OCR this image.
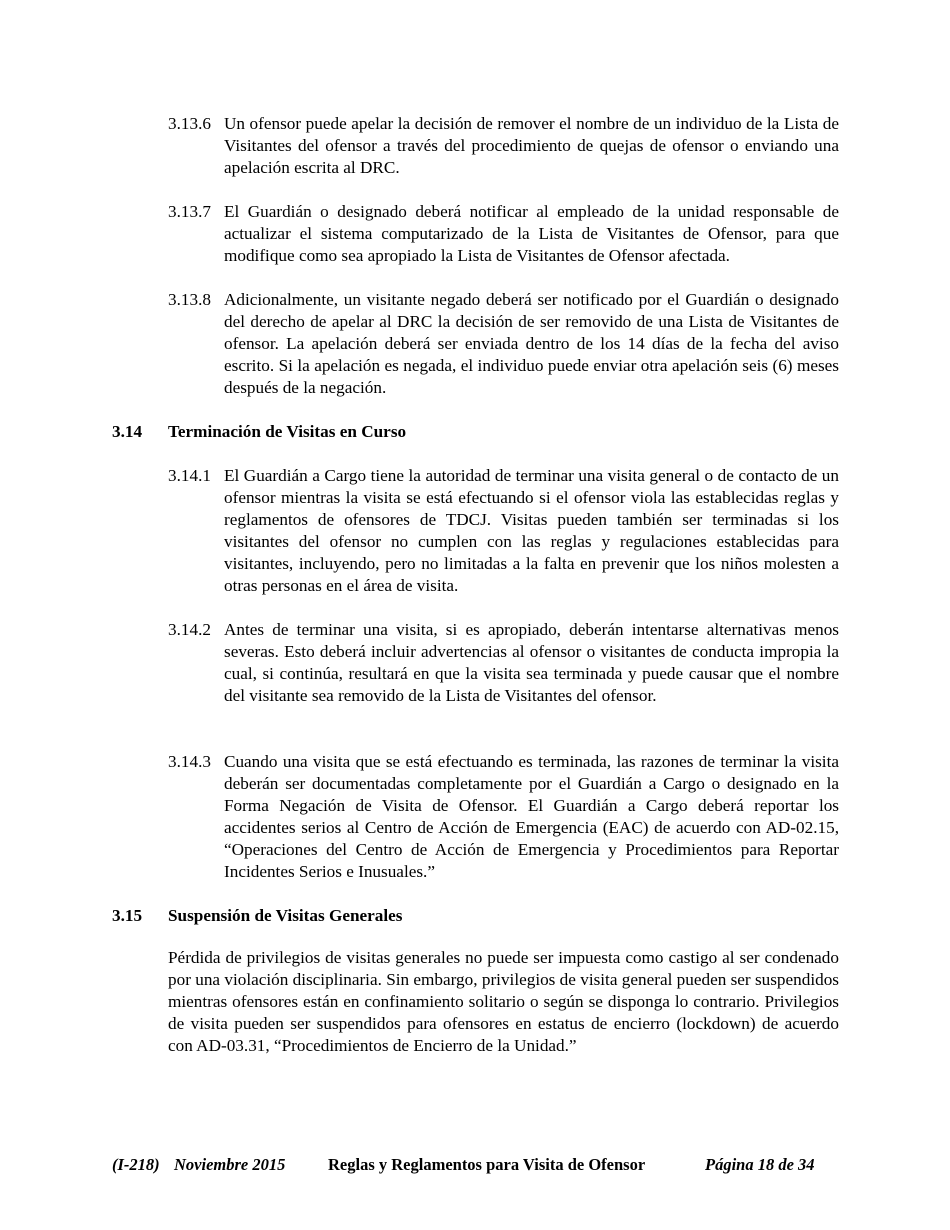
3.13.6 Un ofensor puede apelar la decisión de remover el nombre de un individuo de la Lista de Visitantes del ofensor a través del procedimiento de quejas de ofensor o enviando una apelación escrita al DRC.
3.13.7 El Guardián o designado deberá notificar al empleado de la unidad responsable de actualizar el sistema computarizado de la Lista de Visitantes de Ofensor, para que modifique como sea apropiado la Lista de Visitantes de Ofensor afectada.
3.13.8 Adicionalmente, un visitante negado deberá ser notificado por el Guardián o designado del derecho de apelar al DRC la decisión de ser removido de una Lista de Visitantes de ofensor. La apelación deberá ser enviada dentro de los 14 días de la fecha del aviso escrito. Si la apelación es negada, el individuo puede enviar otra apelación seis (6) meses después de la negación.
3.14 Terminación de Visitas en Curso
3.14.1 El Guardián a Cargo tiene la autoridad de terminar una visita general o de contacto de un ofensor mientras la visita se está efectuando si el ofensor viola las establecidas reglas y reglamentos de ofensores de TDCJ. Visitas pueden también ser terminadas si los visitantes del ofensor no cumplen con las reglas y regulaciones establecidas para visitantes, incluyendo, pero no limitadas a la falta en prevenir que los niños molesten a otras personas en el área de visita.
3.14.2 Antes de terminar una visita, si es apropiado, deberán intentarse alternativas menos severas. Esto deberá incluir advertencias al ofensor o visitantes de conducta impropia la cual, si continúa, resultará en que la visita sea terminada y puede causar que el nombre del visitante sea removido de la Lista de Visitantes del ofensor.
3.14.3 Cuando una visita que se está efectuando es terminada, las razones de terminar la visita deberán ser documentadas completamente por el Guardián a Cargo o designado en la Forma Negación de Visita de Ofensor. El Guardián a Cargo deberá reportar los accidentes serios al Centro de Acción de Emergencia (EAC) de acuerdo con AD-02.15, “Operaciones del Centro de Acción de Emergencia y Procedimientos para Reportar Incidentes Serios e Inusuales.”
3.15 Suspensión de Visitas Generales
Pérdida de privilegios de visitas generales no puede ser impuesta como castigo al ser condenado por una violación disciplinaria. Sin embargo, privilegios de visita general pueden ser suspendidos mientras ofensores están en confinamiento solitario o según se disponga lo contrario. Privilegios de visita pueden ser suspendidos para ofensores en estatus de encierro (lockdown) de acuerdo con AD-03.31, “Procedimientos de Encierro de la Unidad.”
(I-218) Noviembre 2015	Reglas y Reglamentos para Visita de Ofensor	Página 18 de 34
